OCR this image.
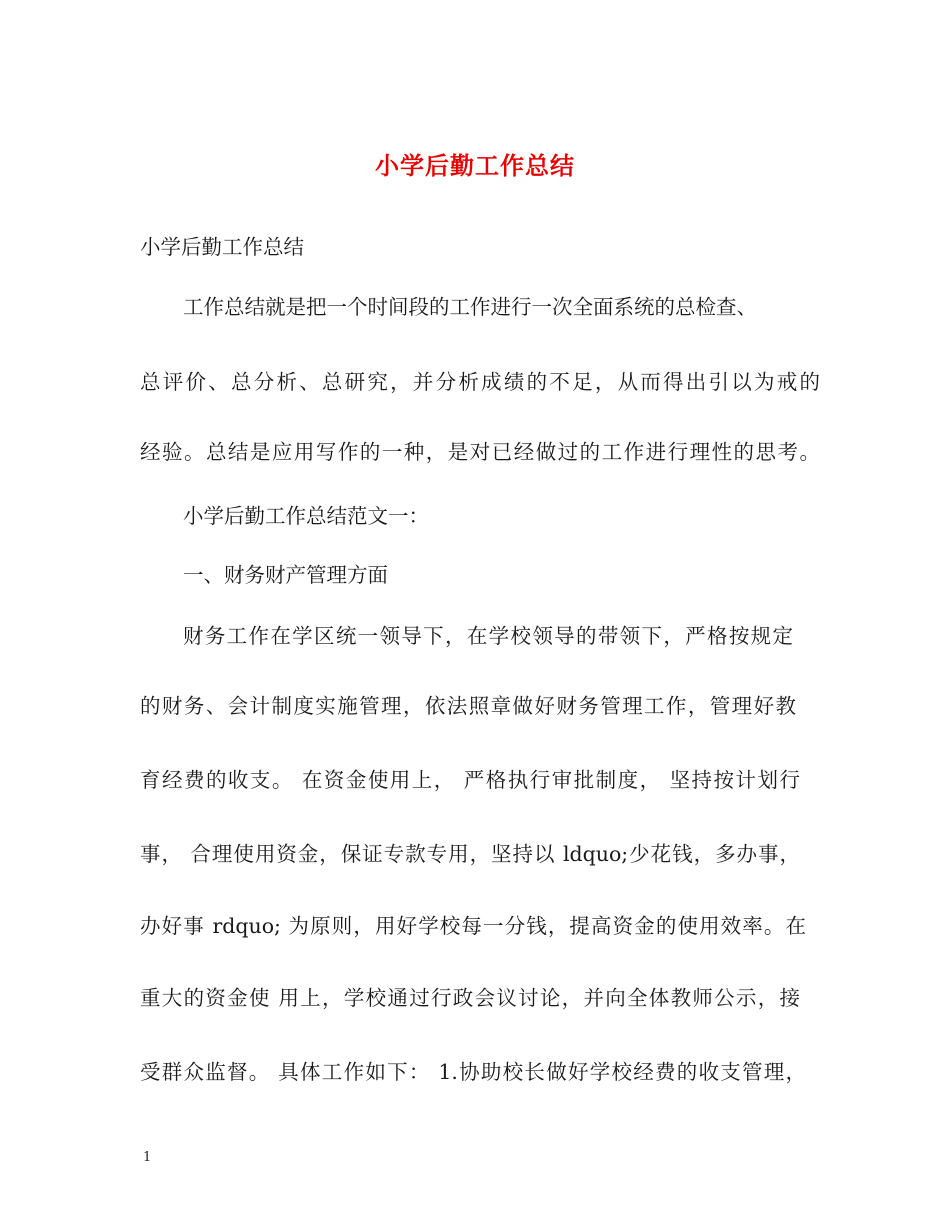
小学后勤工作总结
小学后勤工作总结
工作总结就是把一个时间段的工作进行一次全面系统的总检查、
总评价、总分析、总研究，并分析成绩的不足，从而得出引以为戒的
经验。总结是应用写作的一种，是对已经做过的工作进行理性的思考。
小学后勤工作总结范文一：
一、财务财产管理方面
财务工作在学区统一领导下，在学校领导的带领下，严格按规定
的财务、会计制度实施管理，依法照章做好财务管理工作，管理好教
育经费的收支。 在资金使用上， 严格执行审批制度， 坚持按计划行
事， 合理使用资金，保证专款专用，坚持以 ldquo;少花钱，多办事，
办好事 rdquo; 为原则，用好学校每一分钱，提高资金的使用效率。在
重大的资金使 用上，学校通过行政会议讨论，并向全体教师公示，接
受群众监督。 具体工作如下： 1.协助校长做好学校经费的收支管理，
1
